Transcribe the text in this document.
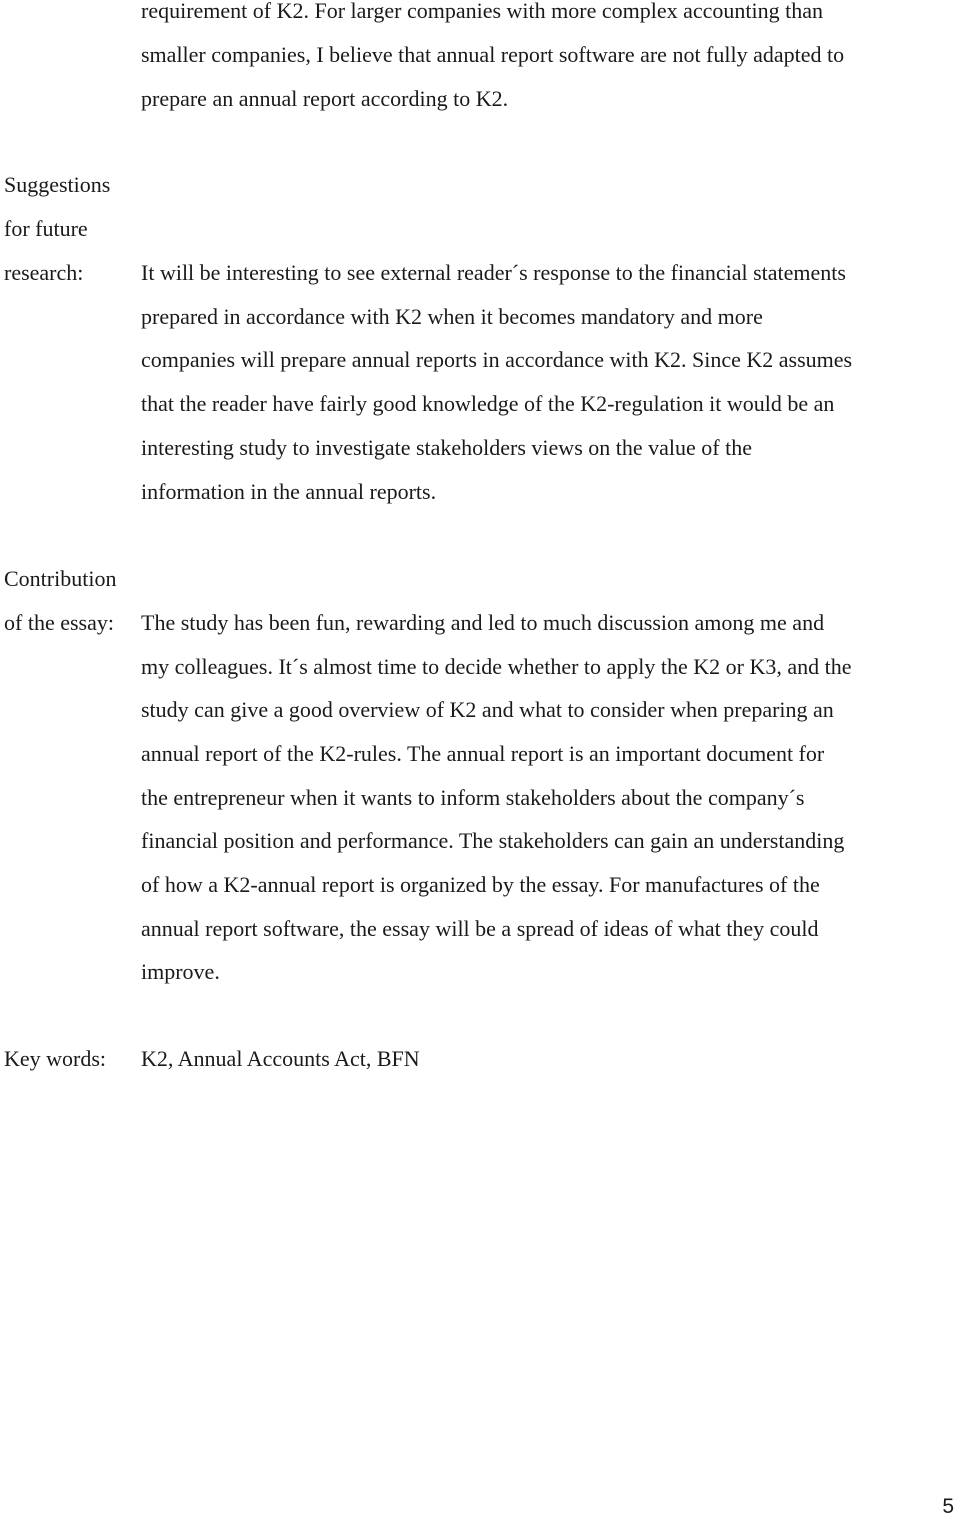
requirement of K2. For larger companies with more complex accounting than

smaller companies, I believe that annual report software are not fully adapted to

prepare an annual report according to K2.

Suggestions

for future

research:	It will be interesting to see external reader´s response to the financial statements

prepared in accordance with K2 when it becomes mandatory and more

companies will prepare annual reports in accordance with K2. Since K2 assumes

that the reader have fairly good knowledge of the K2-regulation it would be an

interesting study to investigate stakeholders views on the value of the

information in the annual reports.

Contribution

of the essay: The study has been fun, rewarding and led to much discussion among me and

my colleagues. It´s almost time to decide whether to apply the K2 or K3, and the

study can give a good overview of K2 and what to consider when preparing an

annual report of the K2-rules. The annual report is an important document for

the entrepreneur when it wants to inform stakeholders about the company´s

financial position and performance. The stakeholders can gain an understanding

of how a K2-annual report is organized by the essay. For manufactures of the

annual report software, the essay will be a spread of ideas of what they could

improve.

Key words: K2, Annual Accounts Act, BFN

5
